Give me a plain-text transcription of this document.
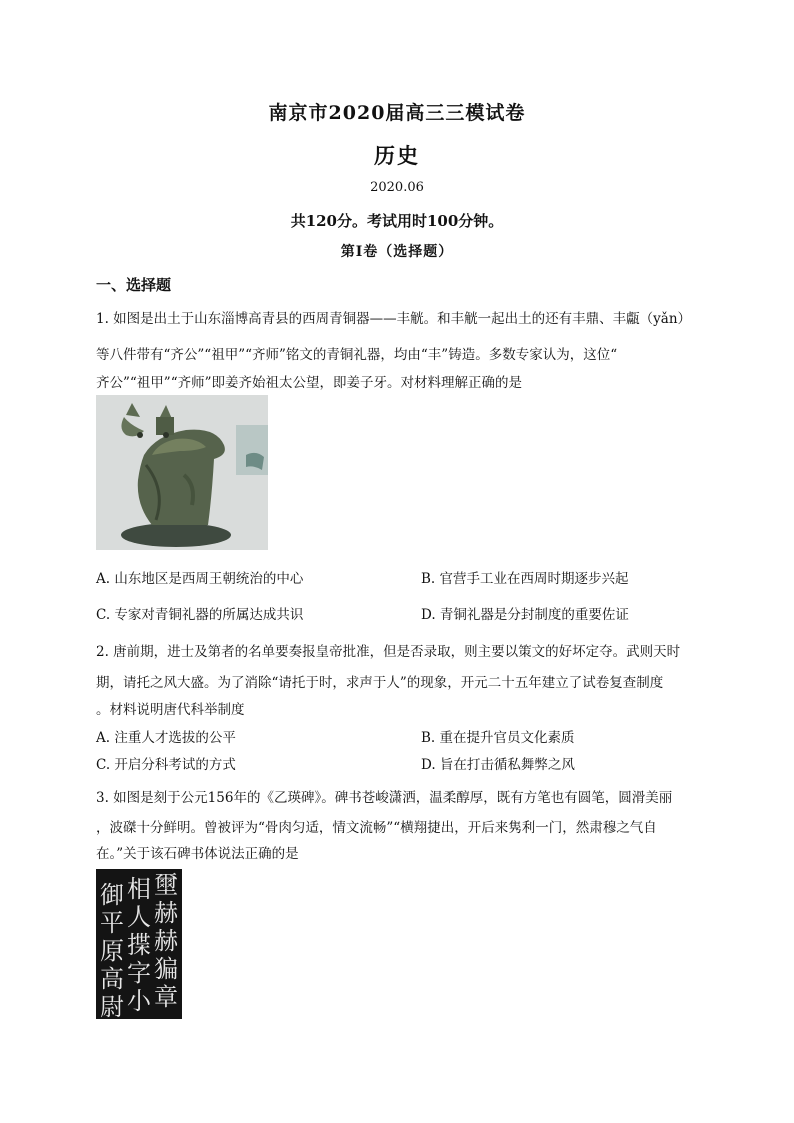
南京市2020届高三三模试卷
历史
2020.06
共120分。考试用时100分钟。
第Ⅰ卷（选择题）
一、选择题
1. 如图是出土于山东淄博高青县的西周青铜器——丰觥。和丰觥一起出土的还有丰鼎、丰甗（yǎn）
等八件带有“齐公”“祖甲”“齐师”铭文的青铜礼器，均由“丰”铸造。多数专家认为，这位“
齐公”“祖甲”“齐师”即姜齐始祖太公望，即姜子牙。对材料理解正确的是
A. 山东地区是西周王朝统治的中心	B. 官营手工业在西周时期逐步兴起
C. 专家对青铜礼器的所属达成共识	D. 青铜礼器是分封制度的重要佐证
2. 唐前期，进士及第者的名单要奏报皇帝批准，但是否录取，则主要以策文的好坏定夺。武则天时
期，请托之风大盛。为了消除“请托于时，求声于人”的现象，开元二十五年建立了试卷复查制度
。材料说明唐代科举制度
A. 注重人才选拔的公平	B. 重在提升官员文化素质
C. 开启分科考试的方式	D. 旨在打击循私舞弊之风
3. 如图是刻于公元156年的《乙瑛碑》。碑书苍峻潇洒，温柔醇厚，既有方笔也有圆笔，圆滑美丽
，波磔十分鲜明。曾被评为“骨肉匀适，情文流畅”“横翔捷出，开后来隽利一门，然肃穆之气自
在。”关于该石碑书体说法正确的是
壐
赫
赫
猵
章
相
人
揲
字
小
御
平
原
高
尉
